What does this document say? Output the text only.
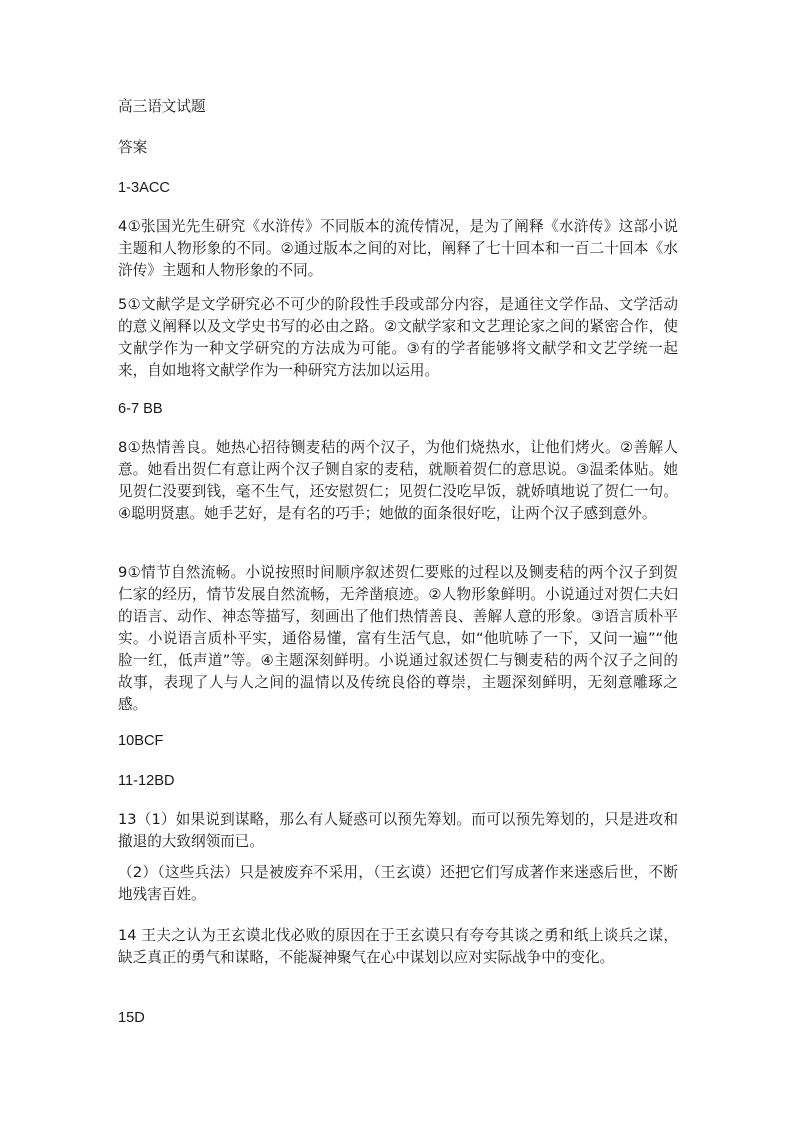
高三语文试题

答案

1-3ACC

4①张国光先生研究《水浒传》不同版本的流传情况，是为了阐释《水浒传》这部小说主题和人物形象的不同。②通过版本之间的对比，阐释了七十回本和一百二十回本《水浒传》主题和人物形象的不同。

5①文献学是文学研究必不可少的阶段性手段或部分内容，是通往文学作品、文学活动的意义阐释以及文学史书写的必由之路。②文献学家和文艺理论家之间的紧密合作，使文献学作为一种文学研究的方法成为可能。③有的学者能够将文献学和文艺学统一起来，自如地将文献学作为一种研究方法加以运用。

6-7 BB

8①热情善良。她热心招待铡麦秸的两个汉子，为他们烧热水，让他们烤火。②善解人意。她看出贺仁有意让两个汉子铡自家的麦秸，就顺着贺仁的意思说。③温柔体贴。她见贺仁没要到钱，毫不生气，还安慰贺仁；见贺仁没吃早饭，就娇嗔地说了贺仁一句。④聪明贤惠。她手艺好，是有名的巧手；她做的面条很好吃，让两个汉子感到意外。

9①情节自然流畅。小说按照时间顺序叙述贺仁要账的过程以及铡麦秸的两个汉子到贺仁家的经历，情节发展自然流畅，无斧凿痕迹。②人物形象鲜明。小说通过对贺仁夫妇的语言、动作、神态等描写，刻画出了他们热情善良、善解人意的形象。③语言质朴平实。小说语言质朴平实，通俗易懂，富有生活气息，如“他吭哧了一下，又问一遍”“他脸一红，低声道”等。④主题深刻鲜明。小说通过叙述贺仁与铡麦秸的两个汉子之间的故事，表现了人与人之间的温情以及传统良俗的尊崇，主题深刻鲜明，无刻意雕琢之感。

10BCF

11-12BD

13（1）如果说到谋略，那么有人疑惑可以预先筹划。而可以预先筹划的，只是进攻和撤退的大致纲领而已。

（2）（这些兵法）只是被废弃不采用，（王玄谟）还把它们写成著作来迷惑后世，不断地残害百姓。

14 王夫之认为王玄谟北伐必败的原因在于王玄谟只有夸夸其谈之勇和纸上谈兵之谋，缺乏真正的勇气和谋略，不能凝神聚气在心中谋划以应对实际战争中的变化。

15D
